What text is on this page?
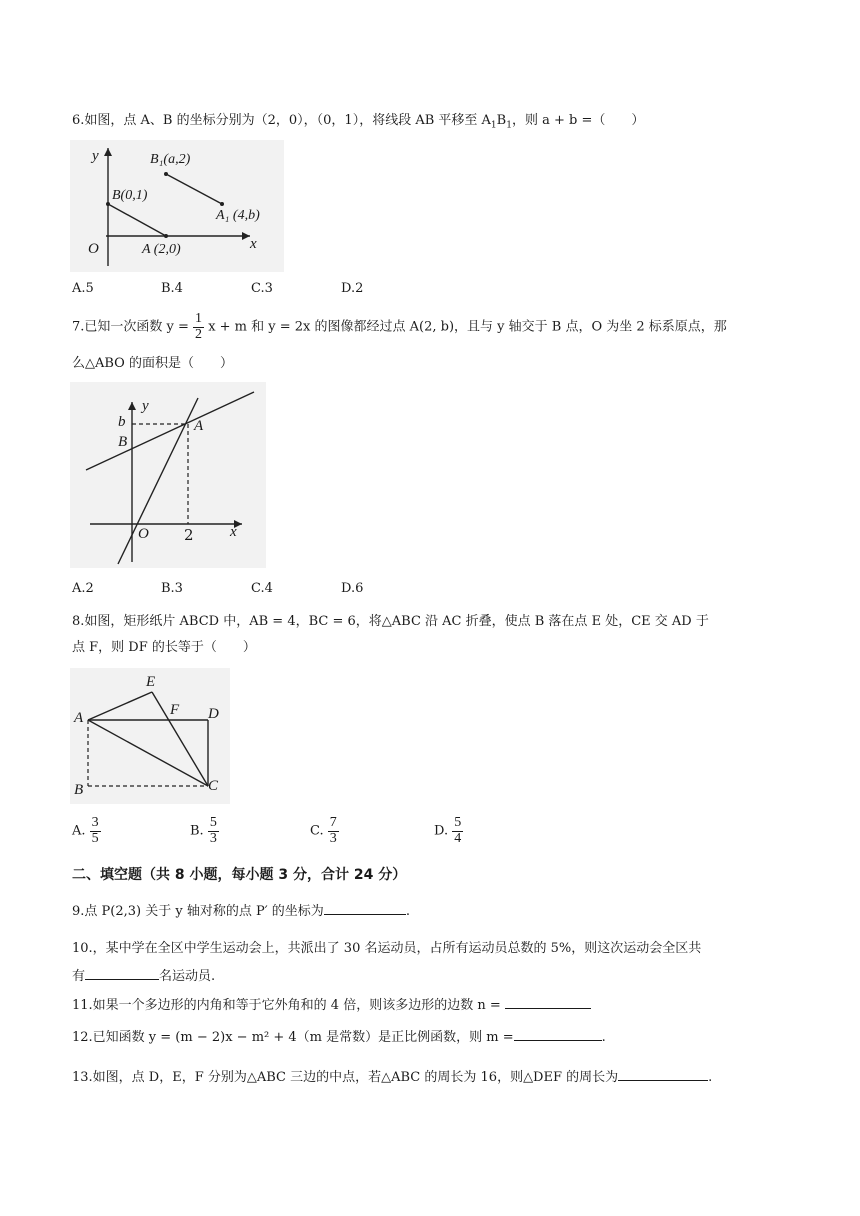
6.如图，点 A、B 的坐标分别为（2，0），（0，1），将线段 AB 平移至 $A_1B_1$，则 a + b =（　　）
y	B₁(a,2)
B(0,1)
A₁ (4,b)
O	A (2,0)	x
A.5	B.4	C.3	D.2
7.已知一次函数 $y = \frac{1}{2}$ x + m 和 y = 2x 的图像都经过点 A(2, b)，且与 y 轴交于 B 点，O 为坐 2 标系原点，那
么△ABO 的面积是（　　）
b
y
B
A
O 2 x
A.2	B.3	C.4	D.6
8.如图，矩形纸片 ABCD 中，AB = 4，BC = 6，将△ABC 沿 AC 折叠，使点 B 落在点 E 处，CE 交 AD 于
点 F，则 DF 的长等于（　　）
E
A	F D
B	C
A. $\frac{3}{5}$	B. $\frac{5}{3}$	C. $\frac{7}{3}$	D. $\frac{5}{4}$
二、填空题（共 8 小题，每小题 3 分，合计 24 分）
9.点 P(2,3) 关于 y 轴对称的点 P′ 的坐标为	.
10.，某中学在全区中学生运动会上，共派出了 30 名运动员，占所有运动员总数的 5%，则这次运动会全区共
有	名运动员.
11.如果一个多边形的内角和等于它外角和的 4 倍，则该多边形的边数 n =
12.已知函数 y = (m − 2)x − m² + 4（m 是常数）是正比例函数，则 m =	.
13.如图，点 D，E，F 分别为△ABC 三边的中点，若△ABC 的周长为 16，则△DEF 的周长为	.
